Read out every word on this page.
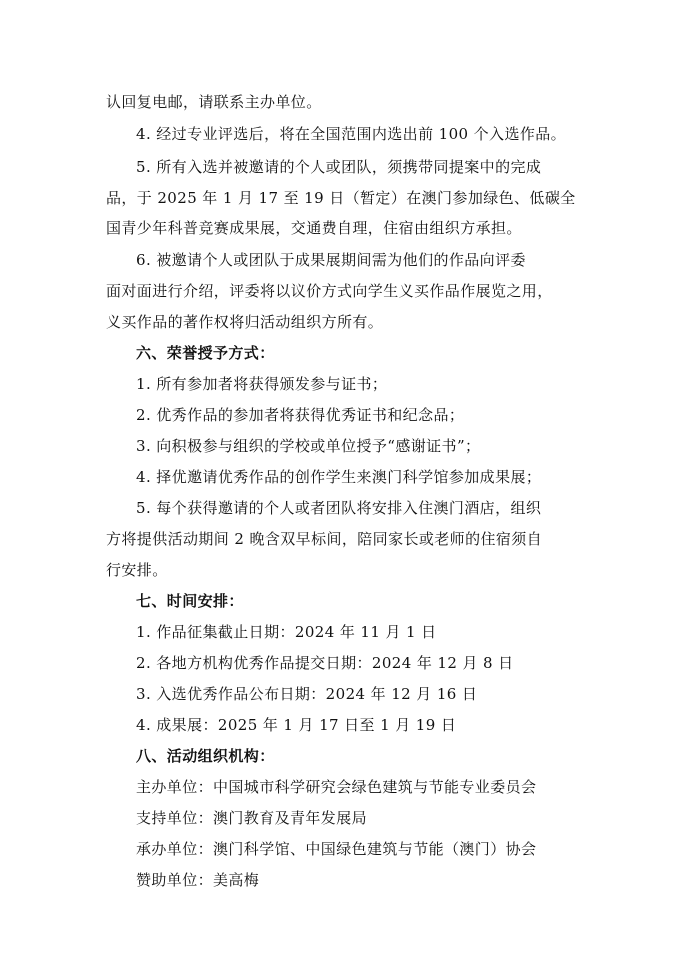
认回复电邮，请联系主办单位。
4. 经过专业评选后，将在全国范围内选出前 100 个入选作品。
5. 所有入选并被邀请的个人或团队，须携带同提案中的完成
品，于 2025 年 1 月 17 至 19 日（暂定）在澳门参加绿色、低碳全
国青少年科普竞赛成果展，交通费自理，住宿由组织方承担。
6. 被邀请个人或团队于成果展期间需为他们的作品向评委
面对面进行介绍，评委将以议价方式向学生义买作品作展览之用，
义买作品的著作权将归活动组织方所有。
六、荣誉授予方式：
1. 所有参加者将获得颁发参与证书；
2. 优秀作品的参加者将获得优秀证书和纪念品；
3. 向积极参与组织的学校或单位授予“感谢证书”；
4. 择优邀请优秀作品的创作学生来澳门科学馆参加成果展；
5. 每个获得邀请的个人或者团队将安排入住澳门酒店，组织
方将提供活动期间 2 晚含双早标间，陪同家长或老师的住宿须自
行安排。
七、时间安排：
1. 作品征集截止日期：2024 年 11 月 1 日
2. 各地方机构优秀作品提交日期：2024 年 12 月 8 日
3. 入选优秀作品公布日期：2024 年 12 月 16 日
4. 成果展：2025 年 1 月 17 日至 1 月 19 日
八、活动组织机构：
主办单位：中国城市科学研究会绿色建筑与节能专业委员会
支持单位：澳门教育及青年发展局
承办单位：澳门科学馆、中国绿色建筑与节能（澳门）协会
赞助单位：美高梅
